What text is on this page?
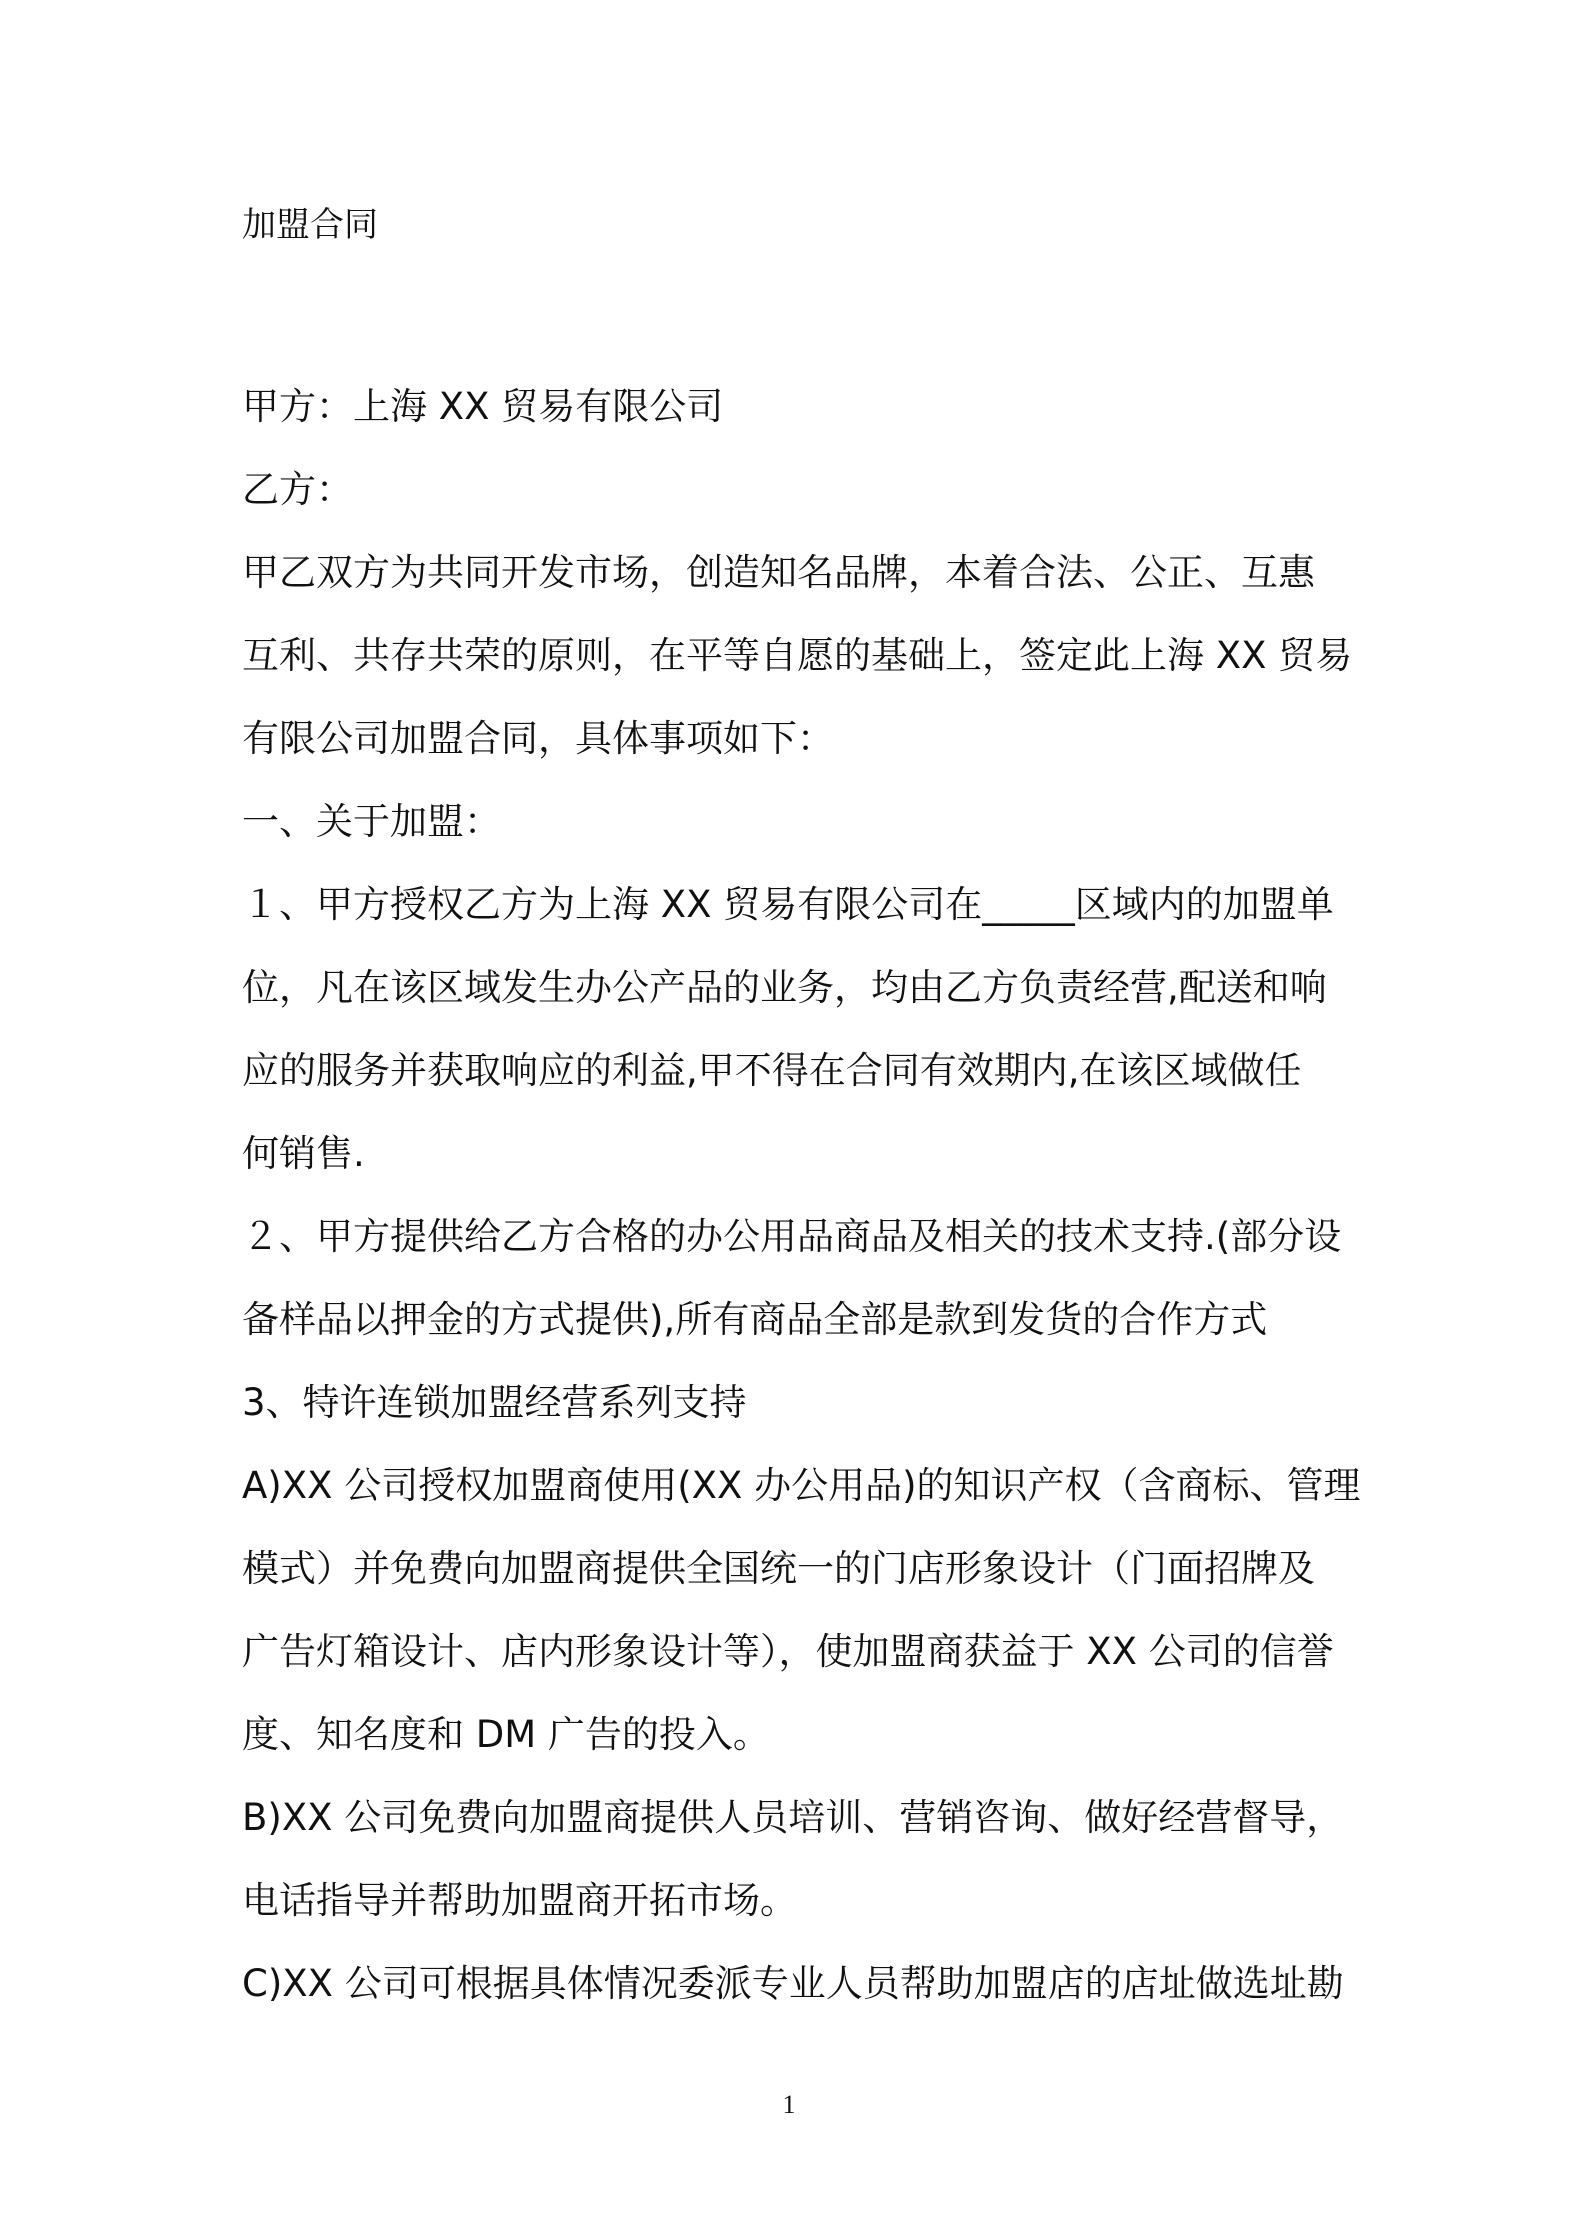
加盟合同
甲方：上海 XX 贸易有限公司
乙方：
甲乙双方为共同开发市场，创造知名品牌，本着合法、公正、互惠
互利、共存共荣的原则，在平等自愿的基础上，签定此上海 XX 贸易
有限公司加盟合同，具体事项如下：
一、关于加盟：
１、甲方授权乙方为上海 XX 贸易有限公司在_____区域内的加盟单
位，凡在该区域发生办公产品的业务，均由乙方负责经营,配送和响
应的服务并获取响应的利益,甲不得在合同有效期内,在该区域做任
何销售.
２、甲方提供给乙方合格的办公用品商品及相关的技术支持.(部分设
备样品以押金的方式提供),所有商品全部是款到发货的合作方式
3、特许连锁加盟经营系列支持
A)XX 公司授权加盟商使用(XX 办公用品)的知识产权（含商标、管理
模式）并免费向加盟商提供全国统一的门店形象设计（门面招牌及
广告灯箱设计、店内形象设计等），使加盟商获益于 XX 公司的信誉
度、知名度和 DM 广告的投入。
B)XX 公司免费向加盟商提供人员培训、营销咨询、做好经营督导，
电话指导并帮助加盟商开拓市场。
C)XX 公司可根据具体情况委派专业人员帮助加盟店的店址做选址勘
1
